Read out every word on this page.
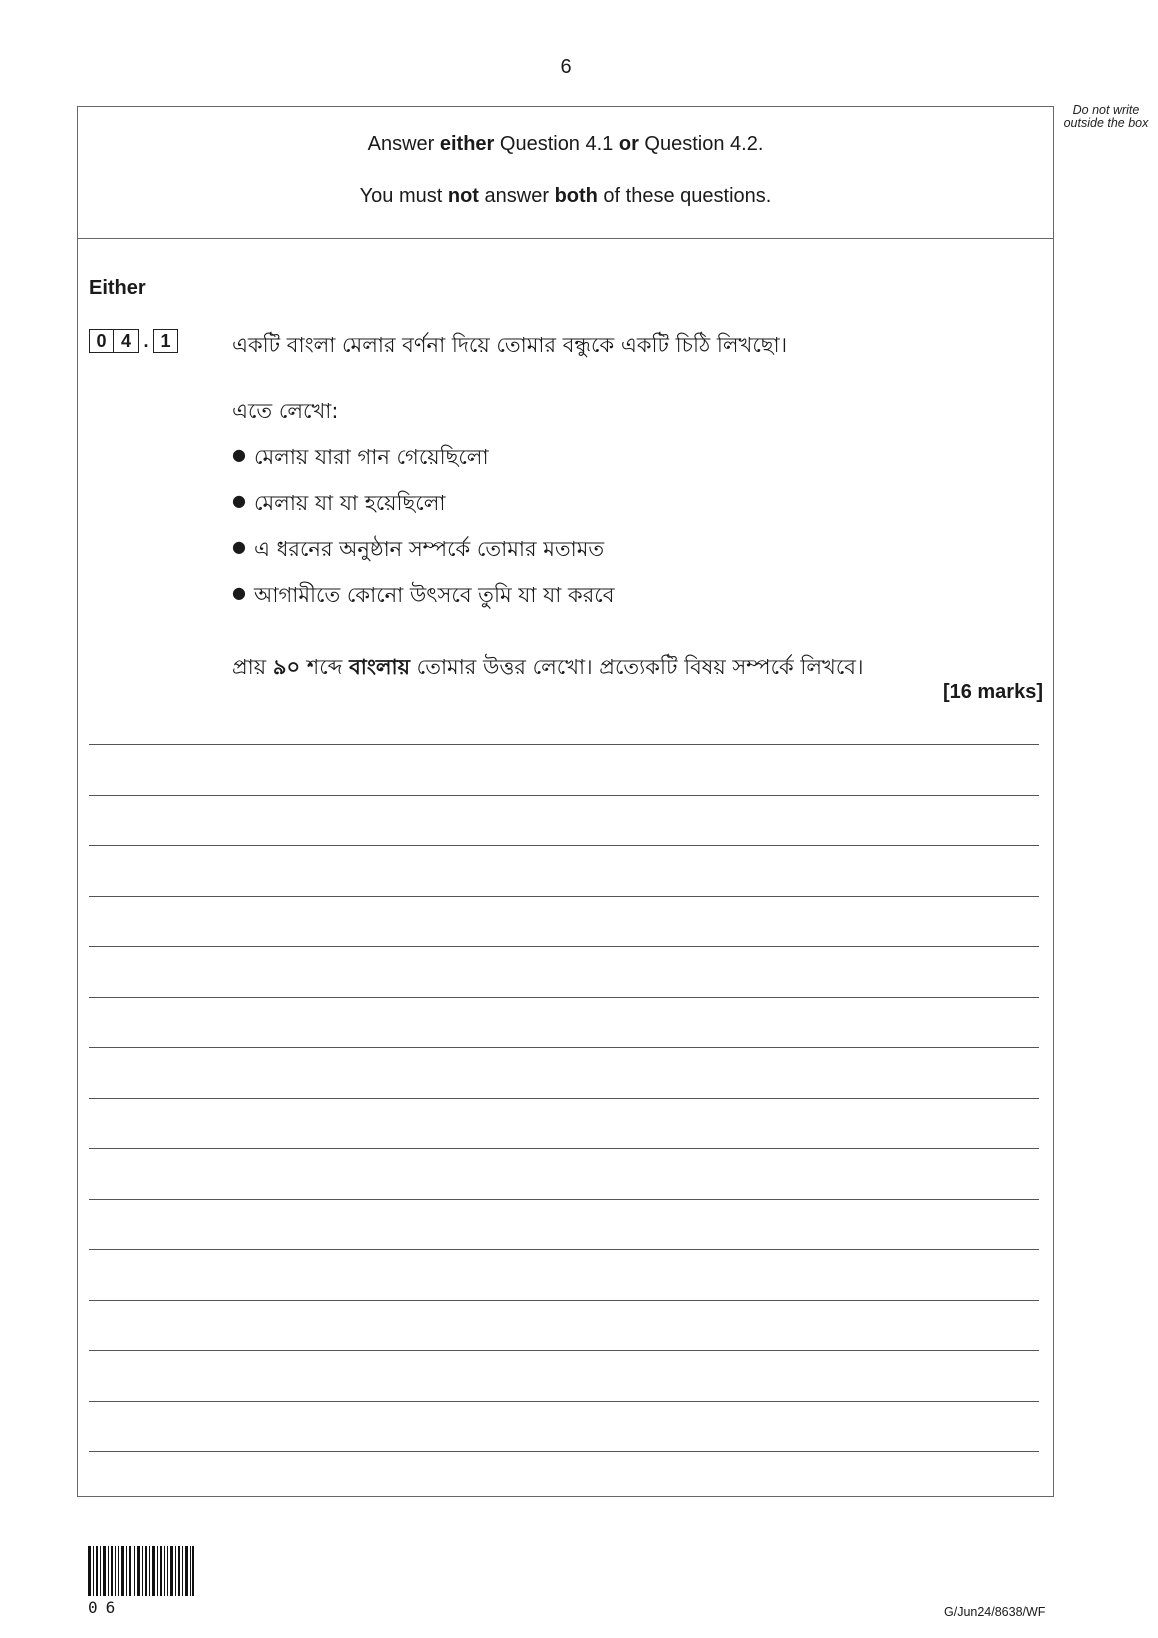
6
Do not write outside the box
Answer either Question 4.1 or Question 4.2.
You must not answer both of these questions.
Either
0 4 . 1	একটি বাংলা মেলার বর্ণনা দিয়ে তোমার বন্ধুকে একটি চিঠি লিখছো।
এতে লেখো:
● মেলায় যারা গান গেয়েছিলো
● মেলায় যা যা হয়েছিলো
● এ ধরনের অনুষ্ঠান সম্পর্কে তোমার মতামত
● আগামীতে কোনো উৎসবে তুমি যা যা করবে
প্রায় ৯০ শব্দে বাংলায় তোমার উত্তর লেখো। প্রত্যেকটি বিষয় সম্পর্কে লিখবে।
[16 marks]
06	G/Jun24/8638/WF
